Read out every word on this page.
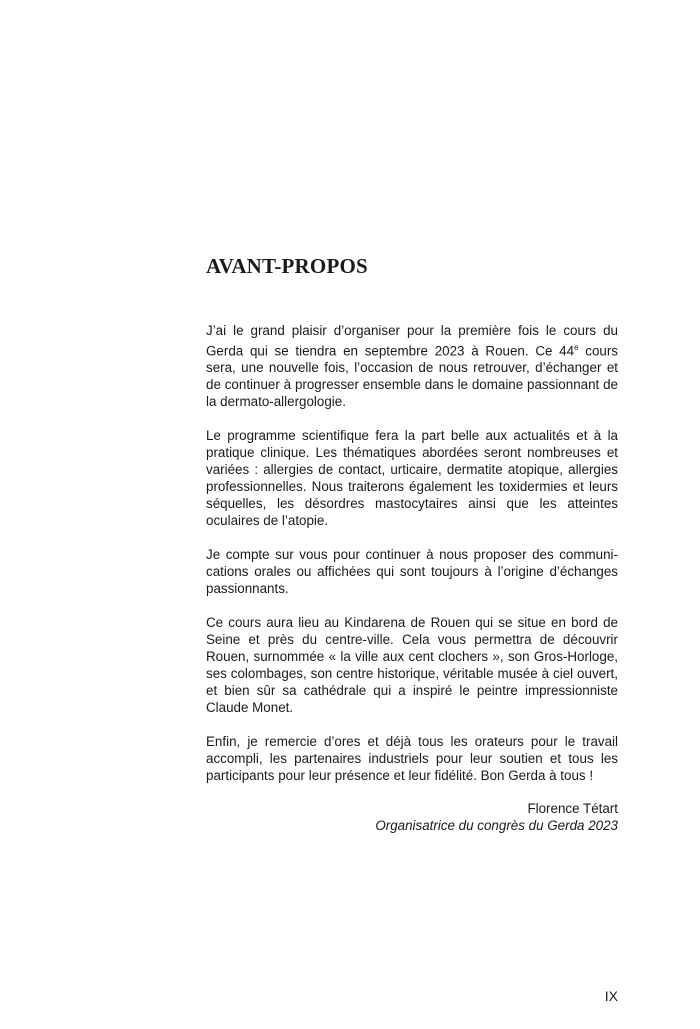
AVANT-PROPOS

J’ai le grand plaisir d’organiser pour la première fois le cours du Gerda qui se tiendra en septembre 2023 à Rouen. Ce 44e cours sera, une nouvelle fois, l’occasion de nous retrouver, d’échanger et de continuer à progresser ensemble dans le domaine passionnant de la dermato-allergologie.

Le programme scientifique fera la part belle aux actualités et à la pratique clinique. Les thématiques abordées seront nombreuses et variées : allergies de contact, urticaire, dermatite atopique, allergies professionnelles. Nous traiterons également les toxidermies et leurs séquelles, les désordres mastocytaires ainsi que les atteintes oculaires de l’atopie.

Je compte sur vous pour continuer à nous proposer des communications orales ou affichées qui sont toujours à l’origine d’échanges passionnants.

Ce cours aura lieu au Kindarena de Rouen qui se situe en bord de Seine et près du centre-ville. Cela vous permettra de découvrir Rouen, surnommée « la ville aux cent clochers », son Gros-Horloge, ses colombages, son centre historique, véritable musée à ciel ouvert, et bien sûr sa cathédrale qui a inspiré le peintre impressionniste Claude Monet.

Enfin, je remercie d’ores et déjà tous les orateurs pour le travail accompli, les partenaires industriels pour leur soutien et tous les participants pour leur présence et leur fidélité. Bon Gerda à tous !

Florence Tétart
Organisatrice du congrès du Gerda 2023
IX
